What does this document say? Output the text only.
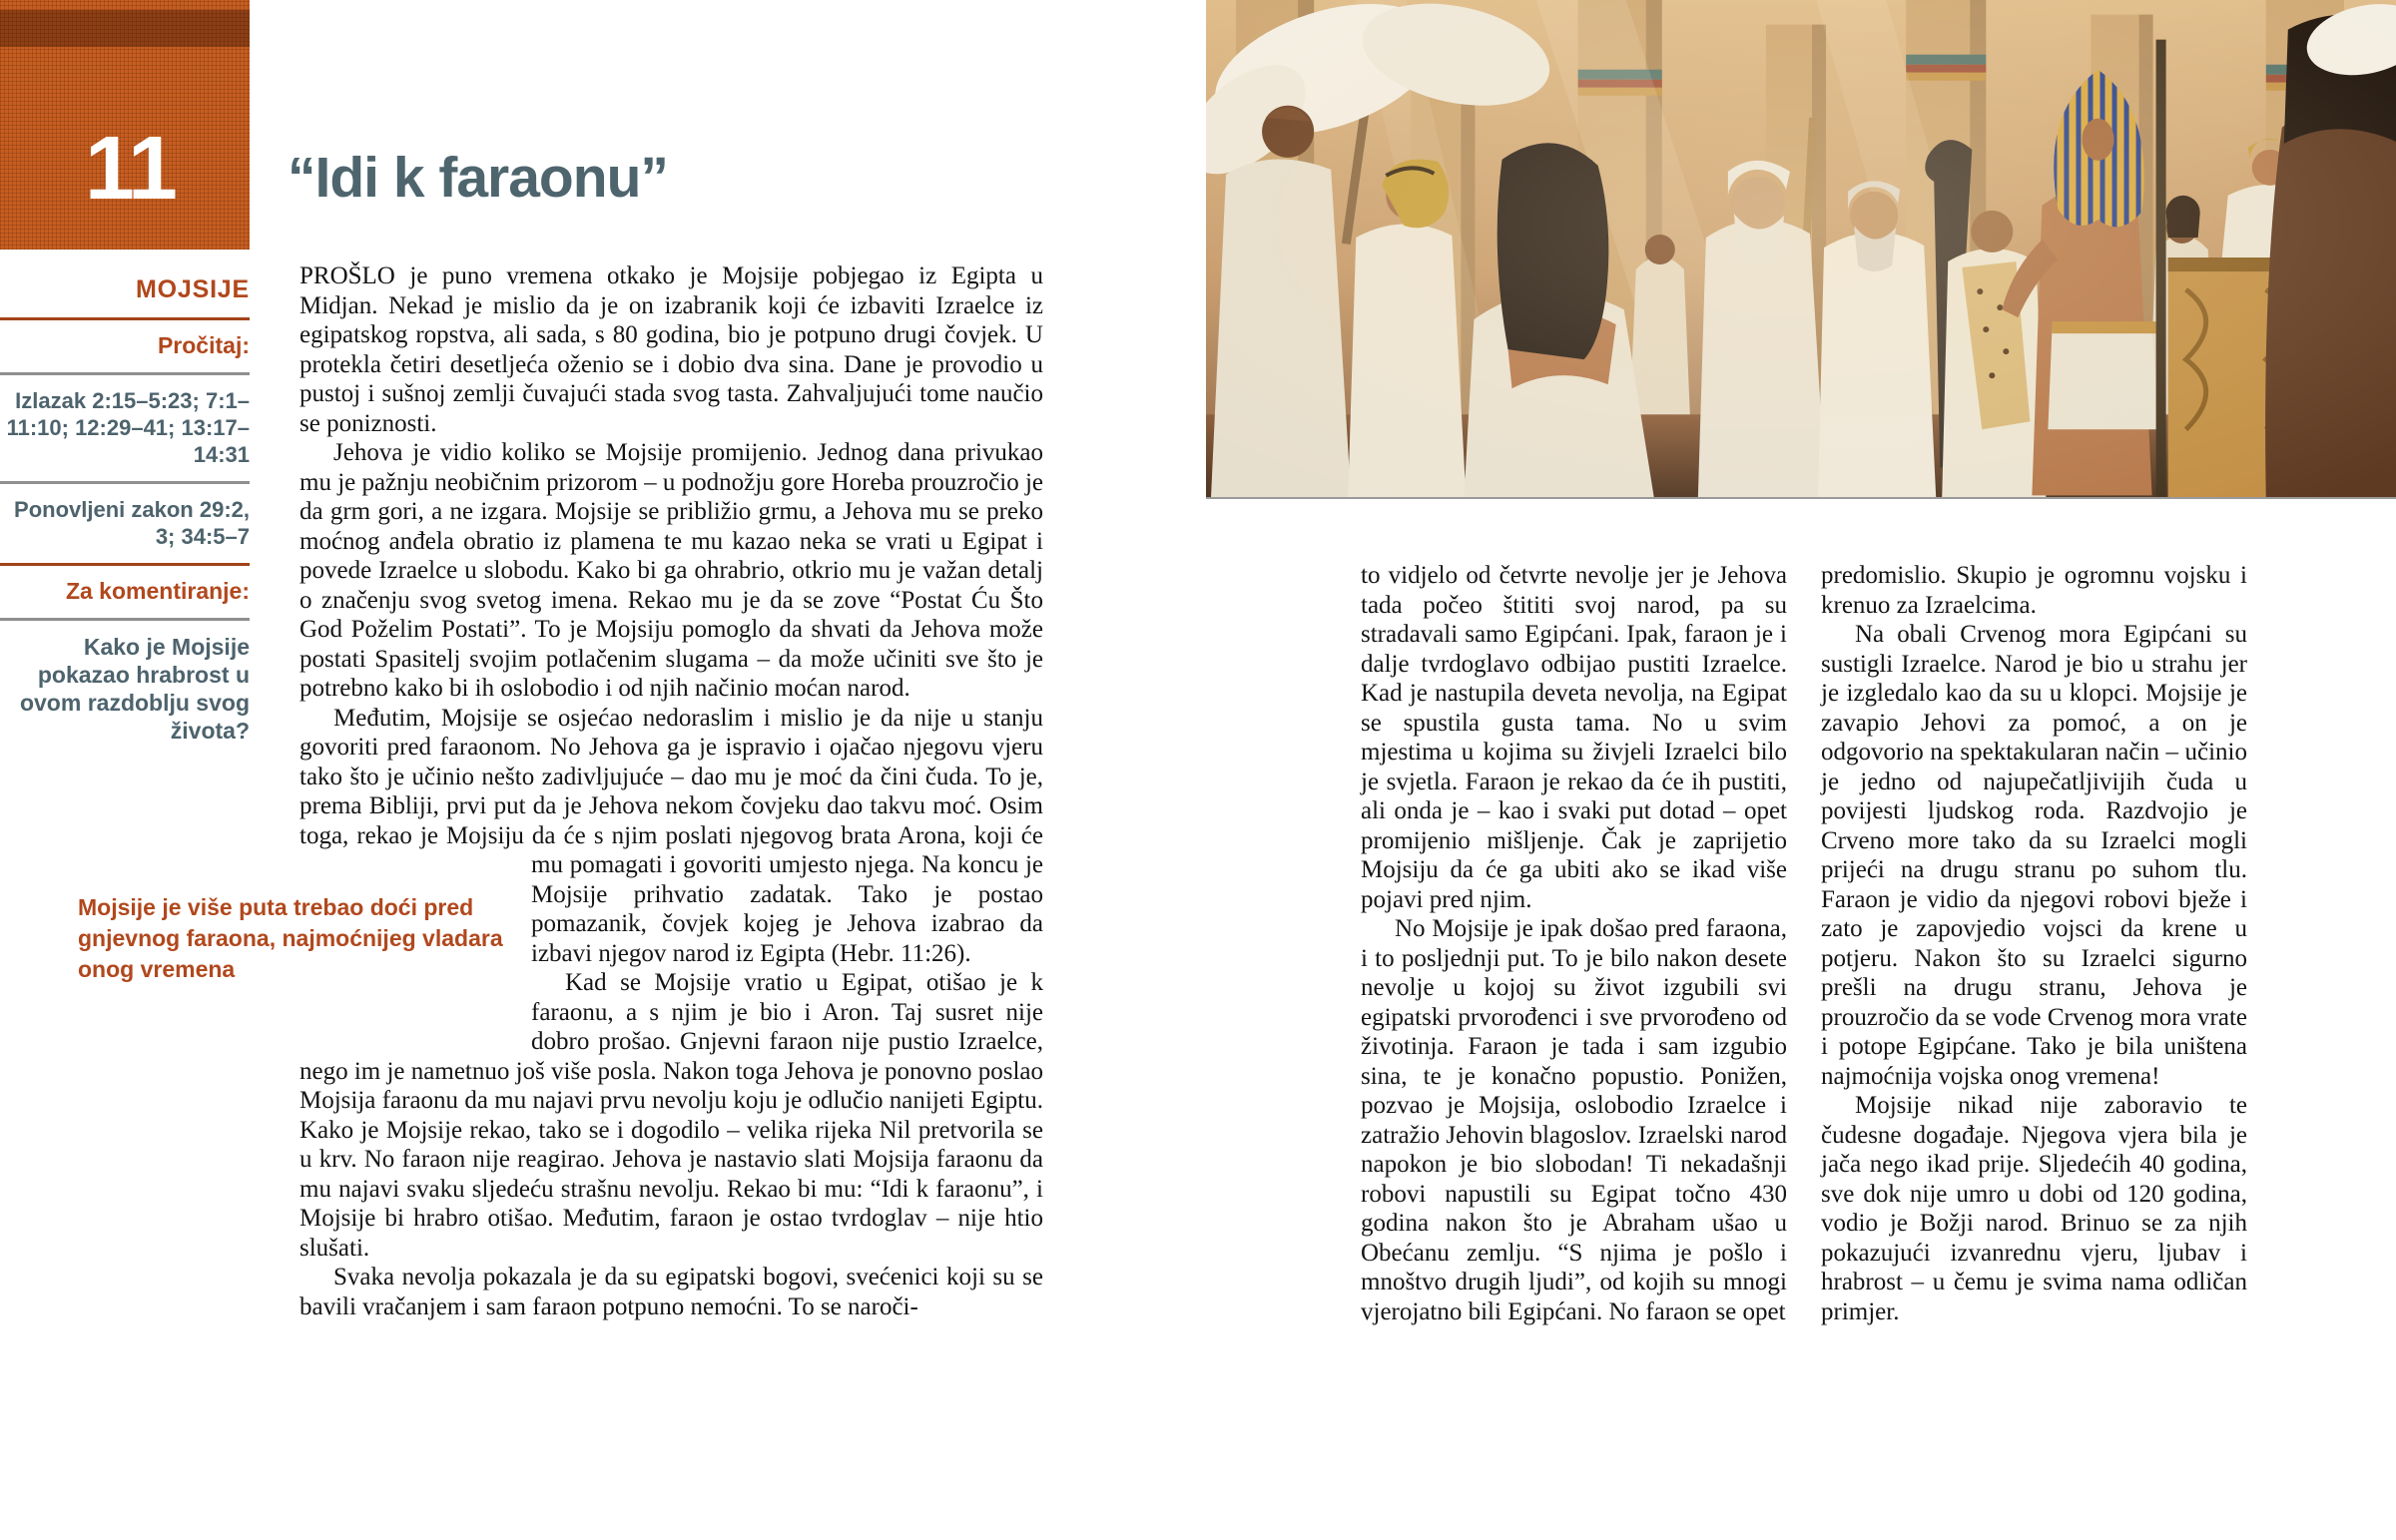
11
MOJSIJE
Pročitaj:
Izlazak 2:15–5:23; 7:1–11:10; 12:29–41; 13:17–14:31
Ponovljeni zakon 29:2, 3; 34:5–7
Za komentiranje:
Kako je Mojsije pokazao hrabrost u ovom razdoblju svog života?
“Idi k faraonu”

PROŠLO je puno vremena otkako je Mojsije pobjegao iz Egipta u Midjan. Nekad je mislio da je on izabranik koji će izbaviti Izraelce iz egipatskog ropstva, ali sada, s 80 godina, bio je potpuno drugi čovjek. U protekla četiri desetljeća oženio se i dobio dva sina. Dane je provodio u pustoj i sušnoj zemlji čuvajući stada svog tasta. Zahvaljujući tome naučio se poniznosti.

Jehova je vidio koliko se Mojsije promijenio. Jednog dana privukao mu je pažnju neobičnim prizorom – u podnožju gore Horeba prouzročio je da grm gori, a ne izgara. Mojsije se približio grmu, a Jehova mu se preko moćnog anđela obratio iz plamena te mu kazao neka se vrati u Egipat i povede Izraelce u slobodu. Kako bi ga ohrabrio, otkrio mu je važan detalj o značenju svog svetog imena. Rekao mu je da se zove “Postat Ću Što God Poželim Postati”. To je Mojsiju pomoglo da shvati da Jehova može postati Spasitelj svojim potlačenim slugama – da može učiniti sve što je potrebno kako bi ih oslobodio i od njih načinio moćan narod.

Međutim, Mojsije se osjećao nedoraslim i mislio je da nije u stanju govoriti pred faraonom. No Jehova ga je ispravio i ojačao njegovu vjeru tako što je učinio nešto zadivljujuće – dao mu je moć da čini čuda. To je, prema Bibliji, prvi put da je Jehova nekom čovjeku dao takvu moć. Osim toga, rekao je Mojsiju da će s njim poslati njegovog brata Arona, koji će mu pomagati i govoriti umjesto njega. Na
Mojsije je više puta trebao doći pred gnjevnog faraona, najmoćnijeg vladara onog vremena
koncu je Mojsije prihvatio zadatak. Tako je postao pomazanik, čovjek kojeg je Jehova izabrao da izbavi njegov narod iz Egipta (Hebr. 11:26).

Kad se Mojsije vratio u Egipat, otišao je k faraonu, a s njim je bio i Aron. Taj susret nije dobro prošao. Gnjevni faraon nije pustio Izraelce, nego im je nametnuo još više posla. Nakon toga Jehova je ponovno poslao Mojsija faraonu da mu najavi prvu nevolju koju je odlučio nanijeti Egiptu. Kako je Mojsije rekao, tako se i dogodilo – velika rijeka Nil pretvorila se u krv. No faraon nije reagirao. Jehova je nastavio slati Mojsija faraonu da mu najavi svaku sljedeću strašnu nevolju. Rekao bi mu: “Idi k faraonu”, i Mojsije bi hrabro otišao. Međutim, faraon je ostao tvrdoglav – nije htio slušati.

Svaka nevolja pokazala je da su egipatski bogovi, svećenici koji su se bavili vračanjem i sam faraon potpuno nemoćni. To se naroči-

to vidjelo od četvrte nevolje jer je Jehova tada počeo štititi svoj narod, pa su stradavali samo Egipćani. Ipak, faraon je i dalje tvrdoglavo odbijao pustiti Izraelce. Kad je nastupila deveta nevolja, na Egipat se spustila gusta tama. No u svim mjestima u kojima su živjeli Izraelci bilo je svjetla. Faraon je rekao da će ih pustiti, ali onda je – kao i svaki put dotad – opet promijenio mišljenje. Čak je zaprijetio Mojsiju da će ga ubiti ako se ikad više pojavi pred njim.

No Mojsije je ipak došao pred faraona, i to posljednji put. To je bilo nakon desete nevolje u kojoj su život izgubili svi egipatski prvorođenci i sve prvorođeno od životinja. Faraon je tada i sam izgubio sina, te je konačno popustio. Ponižen, pozvao je Mojsija, oslobodio Izraelce i zatražio Jehovin blagoslov. Izraelski narod napokon je bio slobodan! Ti nekadašnji robovi napustili su Egipat točno 430 godina nakon što je Abraham ušao u Obećanu zemlju. “S njima je pošlo i mnoštvo drugih ljudi”, od kojih su mnogi vjerojatno bili Egipćani. No faraon se opet

predomislio. Skupio je ogromnu vojsku i krenuo za Izraelcima.

Na obali Crvenog mora Egipćani su sustigli Izraelce. Narod je bio u strahu jer je izgledalo kao da su u klopci. Mojsije je zavapio Jehovi za pomoć, a on je odgovorio na spektakularan način – učinio je jedno od najupečatljivijih čuda u povijesti ljudskog roda. Razdvojio je Crveno more tako da su Izraelci mogli prijeći na drugu stranu po suhom tlu. Faraon je vidio da njegovi robovi bježe i zato je zapovjedio vojsci da krene u potjeru. Nakon što su Izraelci sigurno prešli na drugu stranu, Jehova je prouzročio da se vode Crvenog mora vrate i potope Egipćane. Tako je bila uništena najmoćnija vojska onog vremena!

Mojsije nikad nije zaboravio te čudesne događaje. Njegova vjera bila je jača nego ikad prije. Sljedećih 40 godina, sve dok nije umro u dobi od 120 godina, vodio je Božji narod. Brinuo se za njih pokazujući izvanrednu vjeru, ljubav i hrabrost – u čemu je svima nama odličan primjer.
